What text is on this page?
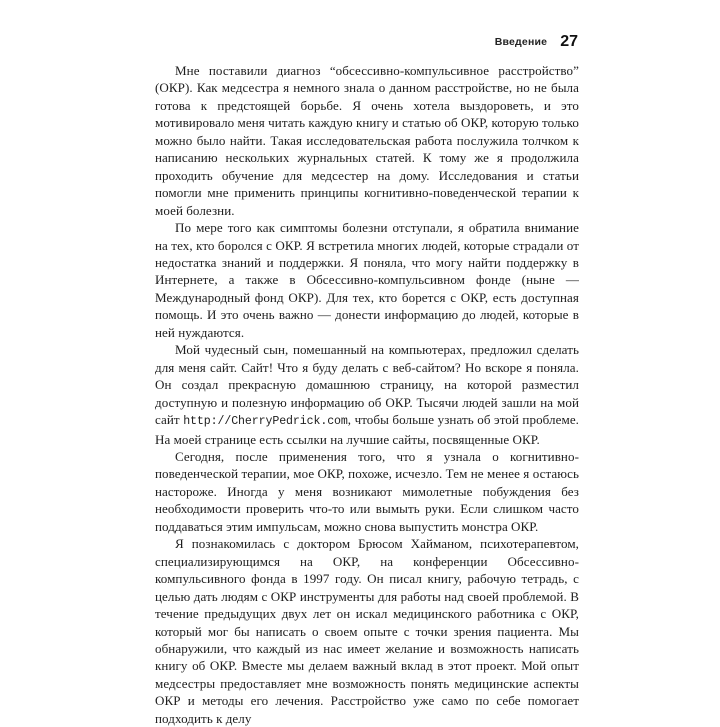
Введение 27

Мне поставили диагноз “обсессивно-компульсивное расстройство” (ОКР). Как медсестра я немного знала о данном расстройстве, но не была готова к предстоящей борьбе. Я очень хотела выздороветь, и это мотивировало меня читать каждую книгу и статью об ОКР, которую только можно было найти. Такая исследовательская работа послужила толчком к написанию нескольких журнальных статей. К тому же я продолжила проходить обучение для медсестер на дому. Исследования и статьи помогли мне применить принципы когнитивно-поведенческой терапии к моей болезни.

По мере того как симптомы болезни отступали, я обратила внимание на тех, кто боролся с ОКР. Я встретила многих людей, которые страдали от недостатка знаний и поддержки. Я поняла, что могу найти поддержку в Интернете, а также в Обсессивно-компульсивном фонде (ныне — Международный фонд ОКР). Для тех, кто борется с ОКР, есть доступная помощь. И это очень важно — донести информацию до людей, которые в ней нуждаются.

Мой чудесный сын, помешанный на компьютерах, предложил сделать для меня сайт. Сайт! Что я буду делать с веб-сайтом? Но вскоре я поняла. Он создал прекрасную домашнюю страницу, на которой разместил доступную и полезную информацию об ОКР. Тысячи людей зашли на мой сайт http://CherryPedrick.com, чтобы больше узнать об этой проблеме. На моей странице есть ссылки на лучшие сайты, посвященные ОКР.

Сегодня, после применения того, что я узнала о когнитивно-поведенческой терапии, мое ОКР, похоже, исчезло. Тем не менее я остаюсь настороже. Иногда у меня возникают мимолетные побуждения без необходимости проверить что-то или вымыть руки. Если слишком часто поддаваться этим импульсам, можно снова выпустить монстра ОКР.

Я познакомилась с доктором Брюсом Хайманом, психотерапевтом, специализирующимся на ОКР, на конференции Обсессивно-компульсивного фонда в 1997 году. Он писал книгу, рабочую тетрадь, с целью дать людям с ОКР инструменты для работы над своей проблемой. В течение предыдущих двух лет он искал медицинского работника с ОКР, который мог бы написать о своем опыте с точки зрения пациента. Мы обнаружили, что каждый из нас имеет желание и возможность написать книгу об ОКР. Вместе мы делаем важный вклад в этот проект. Мой опыт медсестры предоставляет мне возможность понять медицинские аспекты ОКР и методы его лечения. Расстройство уже само по себе помогает подходить к делу
